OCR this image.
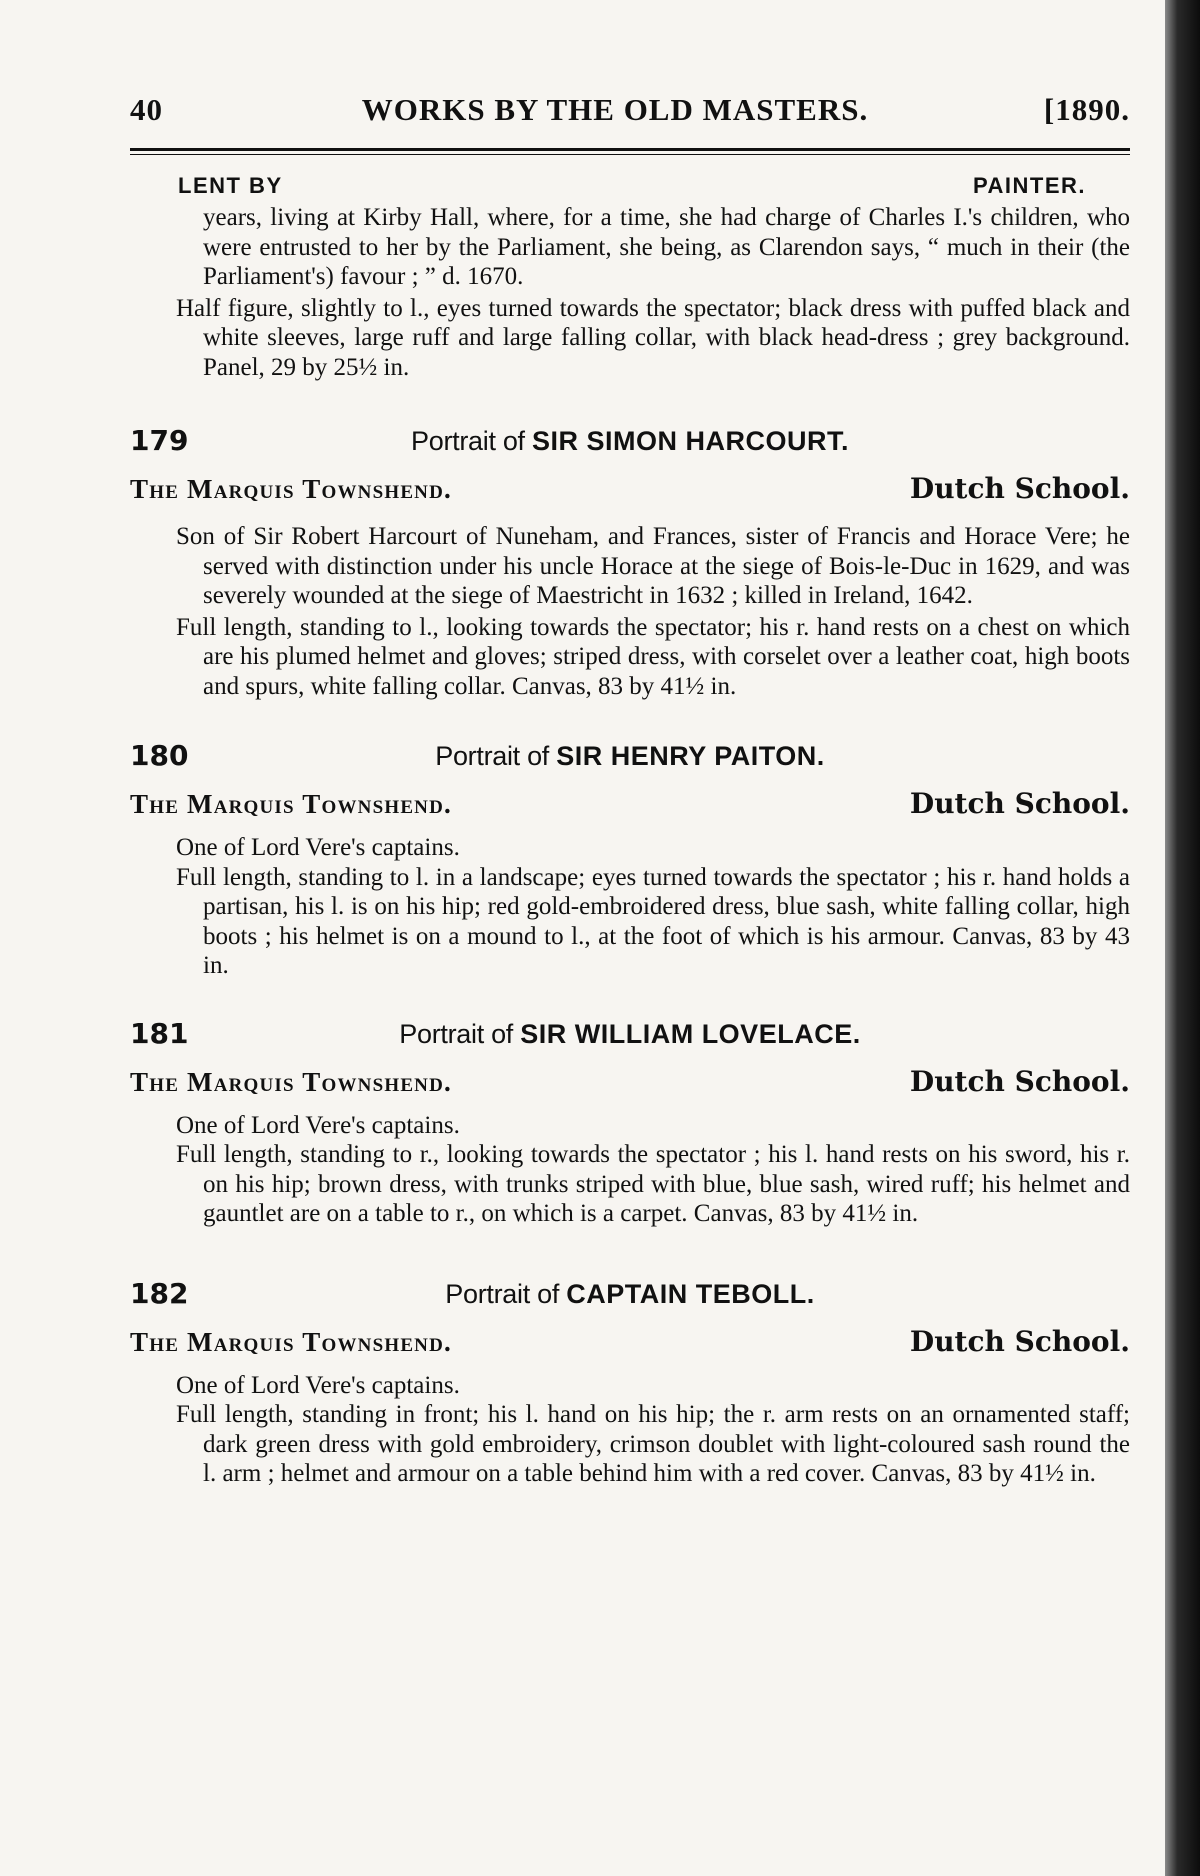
40	WORKS BY THE OLD MASTERS.	[1890.
LENT BY	PAINTER.

years, living at Kirby Hall, where, for a time, she had charge of Charles I.'s children, who were entrusted to her by the Parliament, she being, as Clarendon says, “ much in their (the Parliament's) favour ; ” d. 1670.

Half figure, slightly to l., eyes turned towards the spectator; black dress with puffed black and white sleeves, large ruff and large falling collar, with black head-dress ; grey background. Panel, 29 by 25½ in.

179	Portrait of SIR SIMON HARCOURT.
The Marquis Townshend.	Dutch School.

Son of Sir Robert Harcourt of Nuneham, and Frances, sister of Francis and Horace Vere; he served with distinction under his uncle Horace at the siege of Bois-le-Duc in 1629, and was severely wounded at the siege of Maestricht in 1632 ; killed in Ireland, 1642.

Full length, standing to l., looking towards the spectator; his r. hand rests on a chest on which are his plumed helmet and gloves; striped dress, with corselet over a leather coat, high boots and spurs, white falling collar. Canvas, 83 by 41½ in.

180	Portrait of SIR HENRY PAITON.
The Marquis Townshend.	Dutch School.

One of Lord Vere's captains.

Full length, standing to l. in a landscape; eyes turned towards the spectator ; his r. hand holds a partisan, his l. is on his hip; red gold-embroidered dress, blue sash, white falling collar, high boots ; his helmet is on a mound to l., at the foot of which is his armour. Canvas, 83 by 43 in.

181	Portrait of SIR WILLIAM LOVELACE.
The Marquis Townshend.	Dutch School.

One of Lord Vere's captains.

Full length, standing to r., looking towards the spectator ; his l. hand rests on his sword, his r. on his hip; brown dress, with trunks striped with blue, blue sash, wired ruff; his helmet and gauntlet are on a table to r., on which is a carpet. Canvas, 83 by 41½ in.

182	Portrait of CAPTAIN TEBOLL.
The Marquis Townshend.	Dutch School.

One of Lord Vere's captains.

Full length, standing in front; his l. hand on his hip; the r. arm rests on an ornamented staff; dark green dress with gold embroidery, crimson doublet with light-coloured sash round the l. arm ; helmet and armour on a table behind him with a red cover. Canvas, 83 by 41½ in.
